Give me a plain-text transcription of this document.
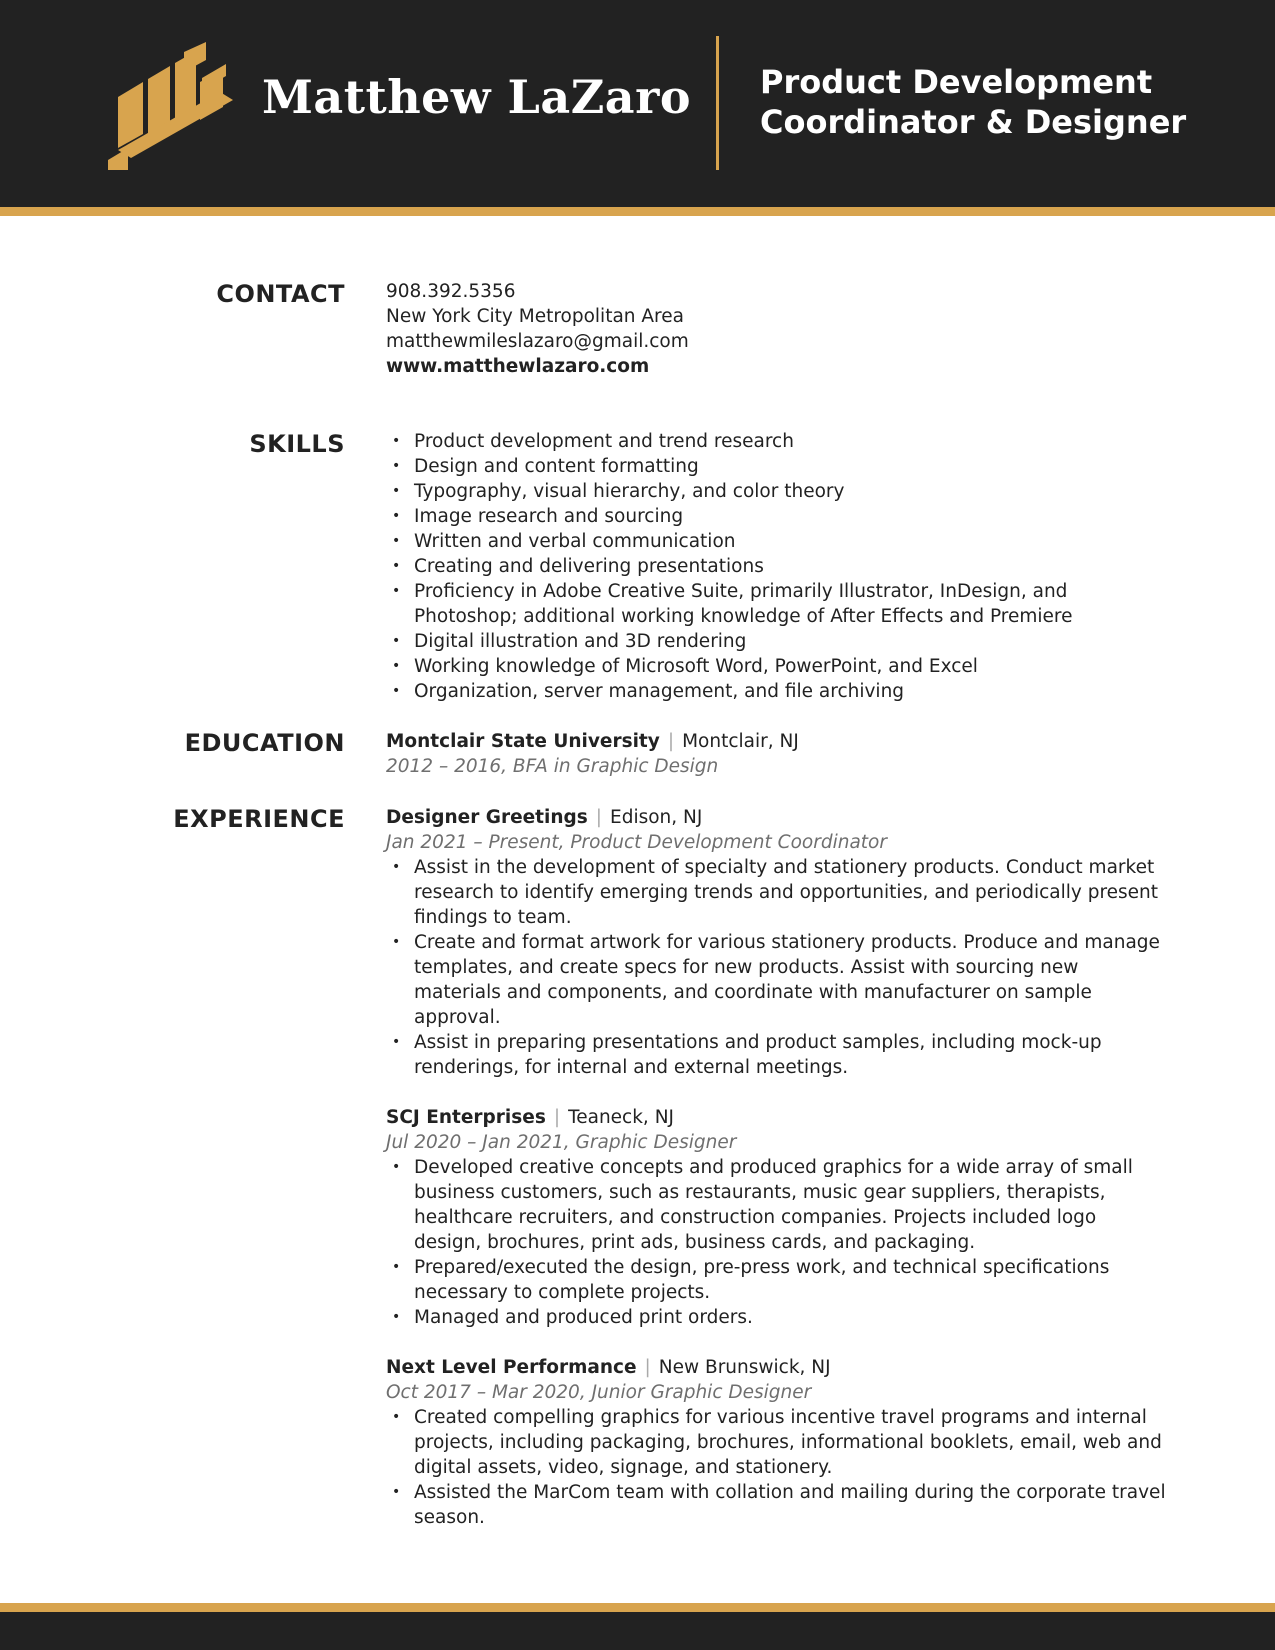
Matthew LaZaro Product Development
Coordinator & Designer
CONTACT 908.392.5356
New York City Metropolitan Area
matthewmileslazaro@gmail.com
www.matthewlazaro.com
SKILLS	• Product development and trend research
• Design and content formatting
• Typography, visual hierarchy, and color theory
• Image research and sourcing
• Written and verbal communication
• Creating and delivering presentations
• Proficiency in Adobe Creative Suite, primarily Illustrator, InDesign, and Photoshop; additional working knowledge of After Effects and Premiere
• Digital illustration and 3D rendering
• Working knowledge of Microsoft Word, PowerPoint, and Excel
• Organization, server management, and file archiving
EDUCATION Montclair State University | Montclair, NJ
2012 – 2016, BFA in Graphic Design
EXPERIENCE Designer Greetings | Edison, NJ
Jan 2021 – Present, Product Development Coordinator
• Assist in the development of specialty and stationery products. Conduct market research to identify emerging trends and opportunities, and periodically present findings to team.
• Create and format artwork for various stationery products. Produce and manage templates, and create specs for new products. Assist with sourcing new materials and components, and coordinate with manufacturer on sample approval.
• Assist in preparing presentations and product samples, including mock-up renderings, for internal and external meetings.
SCJ Enterprises | Teaneck, NJ
Jul 2020 – Jan 2021, Graphic Designer
• Developed creative concepts and produced graphics for a wide array of small business customers, such as restaurants, music gear suppliers, therapists, healthcare recruiters, and construction companies. Projects included logo design, brochures, print ads, business cards, and packaging.
• Prepared/executed the design, pre-press work, and technical specifications necessary to complete projects.
• Managed and produced print orders.
Next Level Performance | New Brunswick, NJ
Oct 2017 – Mar 2020, Junior Graphic Designer
• Created compelling graphics for various incentive travel programs and internal projects, including packaging, brochures, informational booklets, email, web and digital assets, video, signage, and stationery.
• Assisted the MarCom team with collation and mailing during the corporate travel season.
